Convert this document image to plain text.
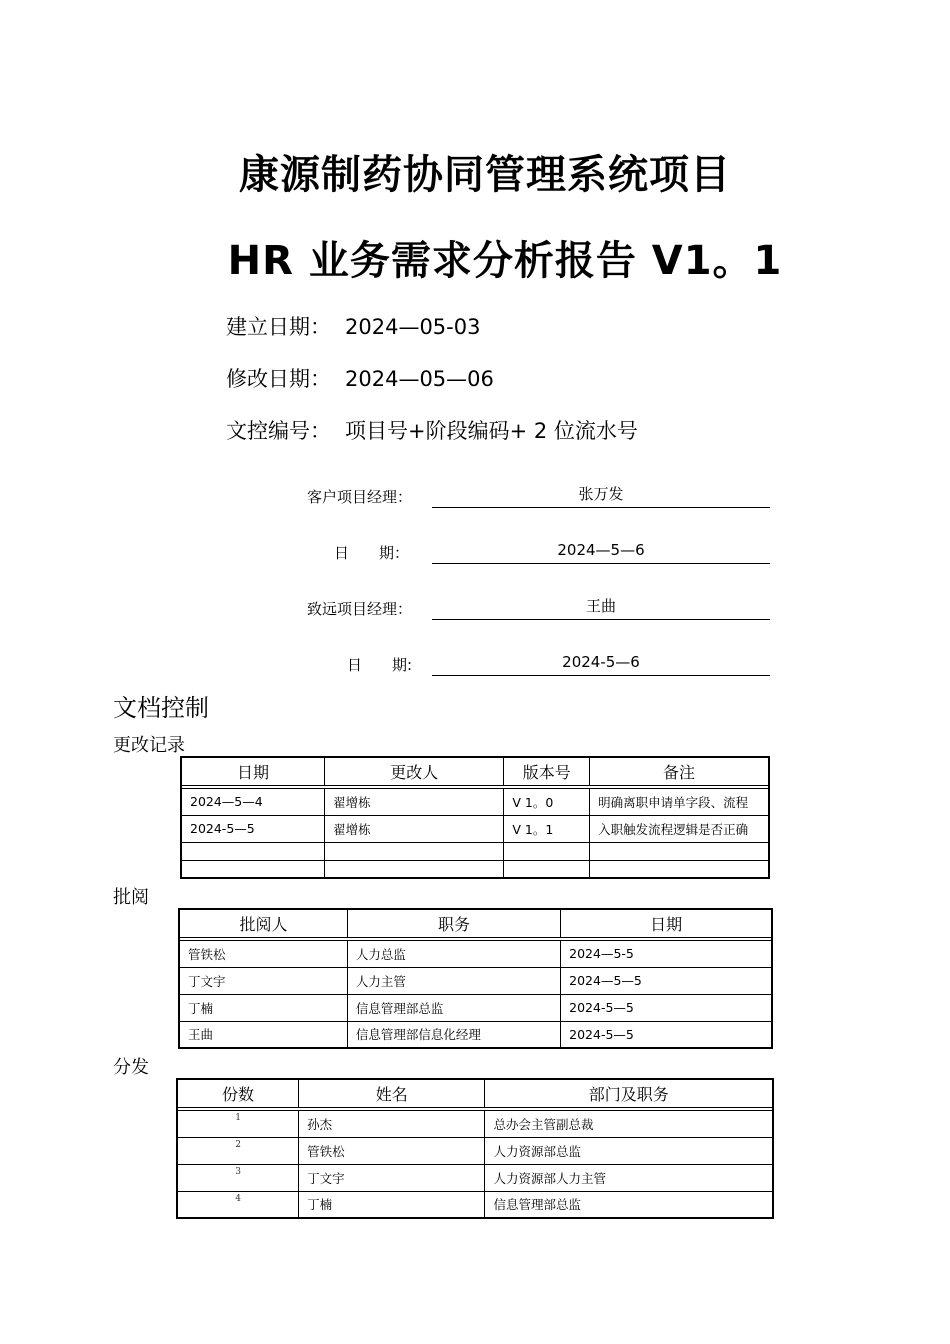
康源制药协同管理系统项目
HR 业务需求分析报告 V1。1
建立日期： 2024—05-03
修改日期： 2024—05—06
文控编号： 项目号+阶段编码+ 2 位流水号
客户项目经理：	张万发
日　　期：	2024—5—6
致远项目经理：	王曲
日　　期:	2024-5—6
文档控制
更改记录
日期	更改人	版本号	备注

2024—5—4	翟增栋	V 1。0	明确离职申请单字段、流程
2024-5—5	翟增栋	V 1。1	入职触发流程逻辑是否正确

批阅
批阅人	职务	日期

管铁松	人力总监	2024—5-5
丁文宇	人力主管	2024—5—5
丁楠	信息管理部总监	2024-5—5
王曲	信息管理部信息化经理	2024-5—5
分发
份数	姓名	部门及职务

1	孙杰	总办会主管副总裁
2	管铁松	人力资源部总监
3	丁文宇	人力资源部人力主管
4	丁楠	信息管理部总监
